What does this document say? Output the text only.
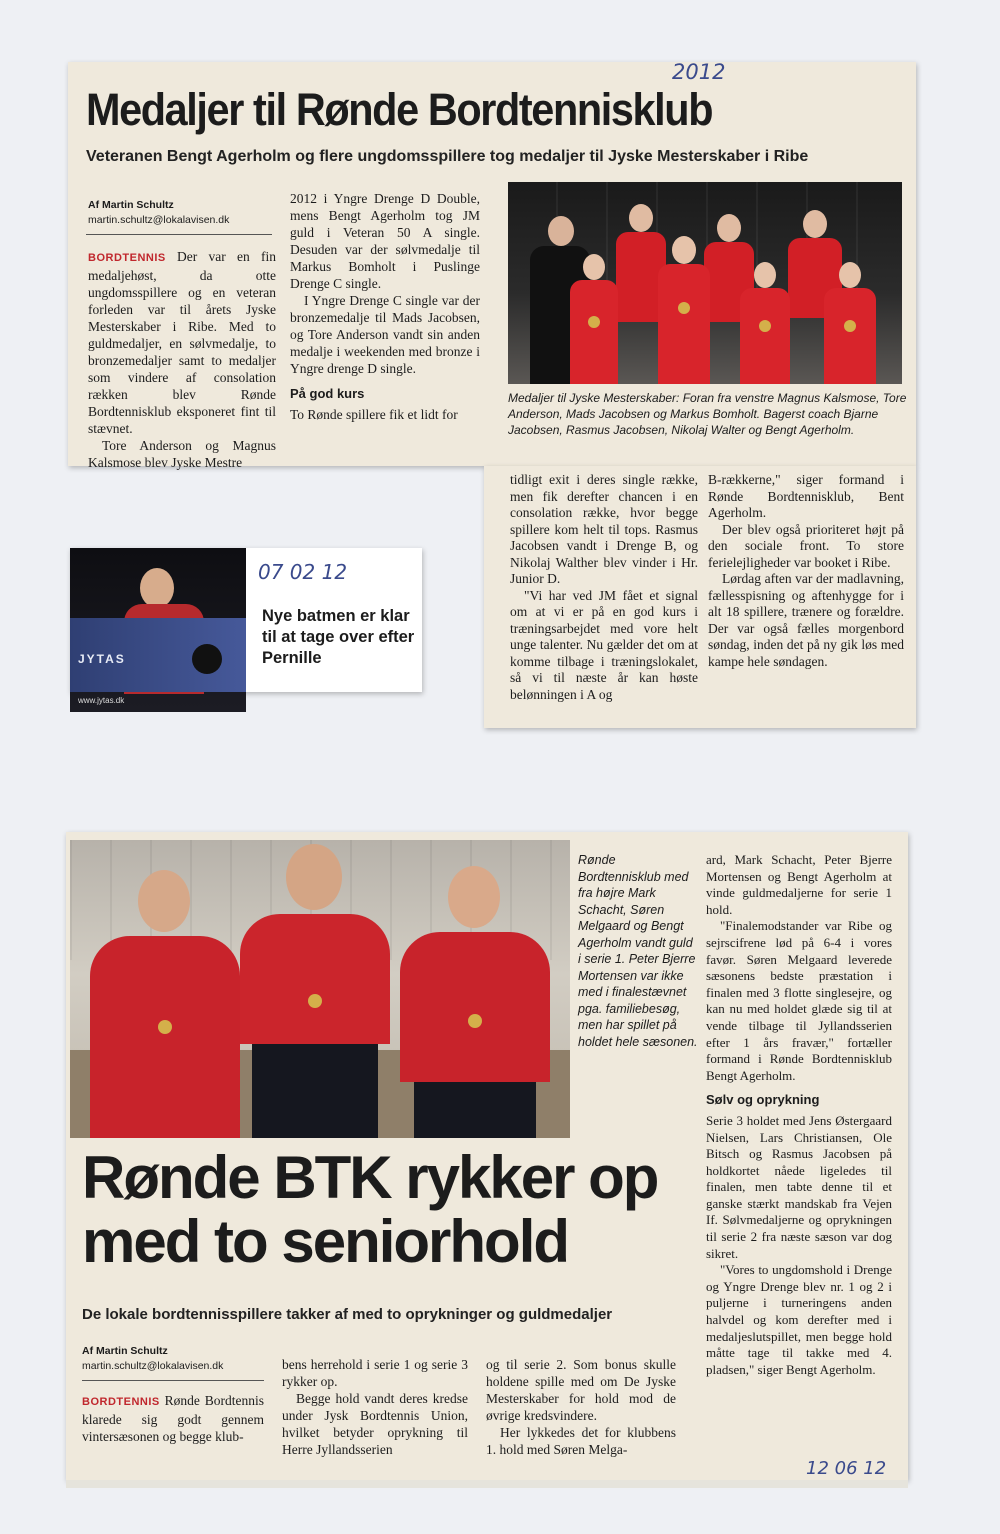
2012
Medaljer til Rønde Bordtennisklub
Veteranen Bengt Agerholm og flere ungdomsspillere tog medaljer til Jyske Mesterskaber i Ribe
Af Martin Schultz
martin.schultz@lokalavisen.dk

BORDTENNIS Der var en fin medaljehøst, da otte ungdomsspillere og en veteran forleden var til årets Jyske Mesterskaber i Ribe. Med to guldmedaljer, en sølvmedalje, to bronzemedaljer samt to medaljer som vindere af consolation rækken blev Rønde Bordtennisklub eksponeret fint til stævnet.

Tore Anderson og Magnus Kalsmose blev Jyske Mestre

2012 i Yngre Drenge D Double, mens Bengt Agerholm tog JM guld i Veteran 50 A single. Desuden var der sølvmedalje til Markus Bomholt i Puslinge Drenge C single.

I Yngre Drenge C single var der bronzemedalje til Mads Jacobsen, og Tore Anderson vandt sin anden medalje i weekenden med bronze i Yngre drenge D single.

På god kurs

To Rønde spillere fik et lidt for

Medaljer til Jyske Mesterskaber: Foran fra venstre Magnus Kalsmose, Tore Anderson, Mads Jacobsen og Markus Bomholt. Bagerst coach Bjarne Jacobsen, Rasmus Jacobsen, Nikolaj Walter og Bengt Agerholm.

tidligt exit i deres single række, men fik derefter chancen i en consolation række, hvor begge spillere kom helt til tops. Rasmus Jacobsen vandt i Drenge B, og Nikolaj Walther blev vinder i Hr. Junior D.

"Vi har ved JM fået et signal om at vi er på en god kurs i træningsarbejdet med vore helt unge talenter. Nu gælder det om at komme tilbage i træningslokalet, så vi til næste år kan høste belønningen i A og

B-rækkerne," siger formand i Rønde Bordtennisklub, Bent Agerholm.

Der blev også prioriteret højt på den sociale front. To store ferielejligheder var booket i Ribe.

Lørdag aften var der madlavning, fællesspisning og aftenhygge for i alt 18 spillere, trænere og forældre. Der var også fælles morgenbord søndag, inden det på ny gik løs med kampe hele søndagen.

JYTAS
www.jytas.dk
07 02 12
Nye batmen er klar til at tage over efter Pernille
Rønde Bordtennisklub med fra højre Mark Schacht, Søren Melgaard og Bengt Agerholm vandt guld i serie 1. Peter Bjerre Mortensen var ikke med i finalestævnet pga. familiebesøg, men har spillet på holdet hele sæsonen.
Rønde BTK rykker op med to seniorhold
De lokale bordtennisspillere takker af med to oprykninger og guldmedaljer
Af Martin Schultz
martin.schultz@lokalavisen.dk

BORDTENNIS Rønde Bordtennis klarede sig godt gennem vintersæsonen og begge klub-

bens herrehold i serie 1 og serie 3 rykker op.

Begge hold vandt deres kredse under Jysk Bordtennis Union, hvilket betyder oprykning til Herre Jyllandsserien

og til serie 2. Som bonus skulle holdene spille med om De Jyske Mesterskaber for hold mod de øvrige kredsvindere.

Her lykkedes det for klubbens 1. hold med Søren Melga-

ard, Mark Schacht, Peter Bjerre Mortensen og Bengt Agerholm at vinde guldmedaljerne for serie 1 hold.

"Finalemodstander var Ribe og sejrscifrene lød på 6-4 i vores favør. Søren Melgaard leverede sæsonens bedste præstation i finalen med 3 flotte singlesejre, og kan nu med holdet glæde sig til at vende tilbage til Jyllandsserien efter 1 års fravær," fortæller formand i Rønde Bordtennisklub Bengt Agerholm.

Sølv og oprykning

Serie 3 holdet med Jens Østergaard Nielsen, Lars Christiansen, Ole Bitsch og Rasmus Jacobsen på holdkortet nåede ligeledes til finalen, men tabte denne til et ganske stærkt mandskab fra Vejen If. Sølvmedaljerne og oprykningen til serie 2 fra næste sæson var dog sikret.

"Vores to ungdomshold i Drenge og Yngre Drenge blev nr. 1 og 2 i puljerne i turneringens anden halvdel og kom derefter med i medaljeslutspillet, men begge hold måtte tage til takke med 4. pladsen," siger Bengt Agerholm.

12 06 12
